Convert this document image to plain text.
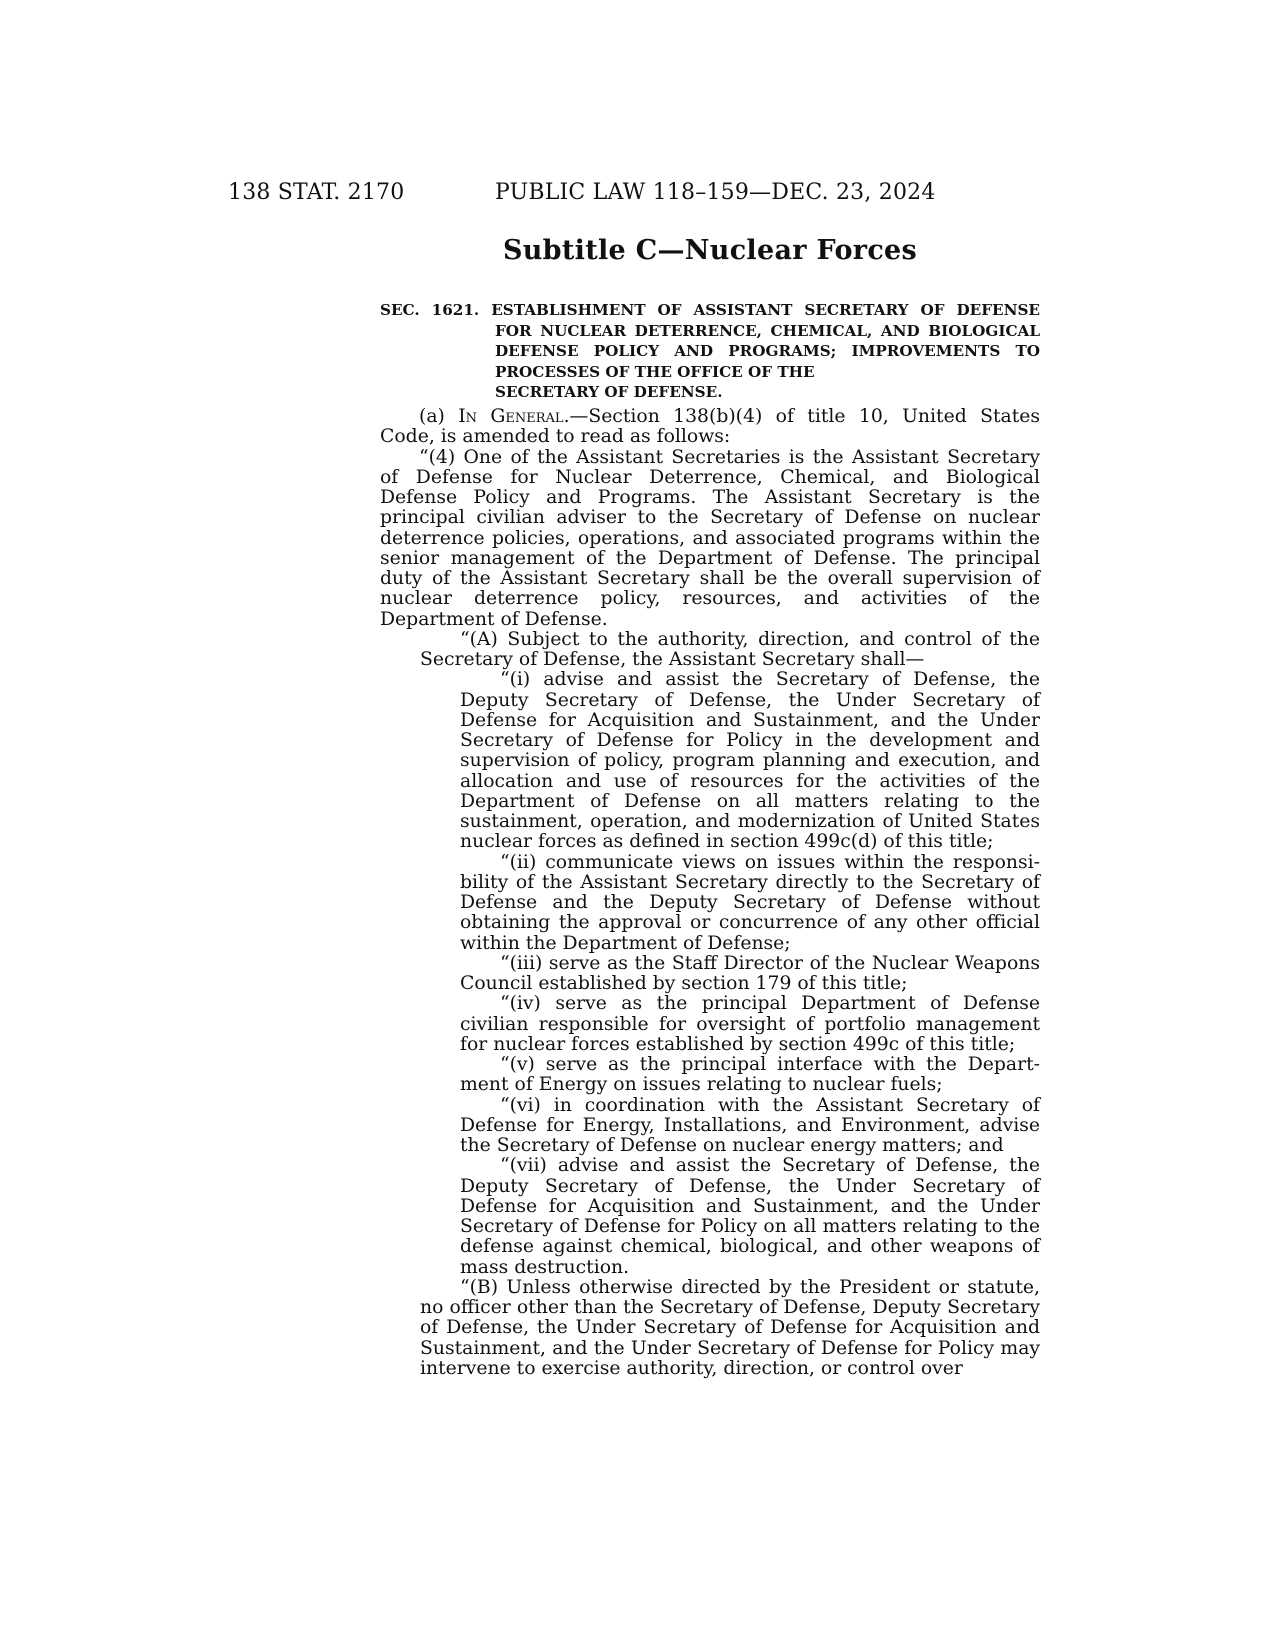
138 STAT. 2170	PUBLIC LAW 118–159—DEC. 23, 2024
Subtitle C—Nuclear Forces
SEC. 1621. ESTABLISHMENT OF ASSISTANT SECRETARY OF DEFENSE
FOR NUCLEAR DETERRENCE, CHEMICAL, AND BIOLOGICAL DEFENSE POLICY AND PROGRAMS; IMPROVEMENTS TO PROCESSES OF THE OFFICE OF THE
SECRETARY OF DEFENSE.

(a) In General.—Section 138(b)(4) of title 10, United States Code, is amended to read as follows:

“(4) One of the Assistant Secretaries is the Assistant Secretary of Defense for Nuclear Deterrence, Chemical, and Biological Defense Policy and Programs. The Assistant Secretary is the principal civilian adviser to the Secretary of Defense on nuclear deterrence policies, operations, and associated programs within the senior management of the Department of Defense. The principal duty of the Assistant Secretary shall be the overall supervision of nuclear deterrence policy, resources, and activities of the Department of Defense.

“(A) Subject to the authority, direction, and control of the Secretary of Defense, the Assistant Secretary shall—

“(i) advise and assist the Secretary of Defense, the Deputy Secretary of Defense, the Under Secretary of Defense for Acquisition and Sustainment, and the Under Secretary of Defense for Policy in the development and supervision of policy, program planning and execution, and allocation and use of resources for the activities of the Department of Defense on all matters relating to the sustainment, operation, and modernization of United States nuclear forces as defined in section 499c(d) of this title;

“(ii) communicate views on issues within the responsi-bility of the Assistant Secretary directly to the Secretary of Defense and the Deputy Secretary of Defense without obtaining the approval or concurrence of any other official within the Department of Defense;

“(iii) serve as the Staff Director of the Nuclear Weapons Council established by section 179 of this title;

“(iv) serve as the principal Department of Defense civilian responsible for oversight of portfolio management for nuclear forces established by section 499c of this title;

“(v) serve as the principal interface with the Depart-ment of Energy on issues relating to nuclear fuels;

“(vi) in coordination with the Assistant Secretary of Defense for Energy, Installations, and Environment, advise the Secretary of Defense on nuclear energy matters; and

“(vii) advise and assist the Secretary of Defense, the Deputy Secretary of Defense, the Under Secretary of Defense for Acquisition and Sustainment, and the Under Secretary of Defense for Policy on all matters relating to the defense against chemical, biological, and other weapons of mass destruction.

“(B) Unless otherwise directed by the President or statute, no officer other than the Secretary of Defense, Deputy Secretary of Defense, the Under Secretary of Defense for Acquisition and Sustainment, and the Under Secretary of Defense for Policy may intervene to exercise authority, direction, or control over
